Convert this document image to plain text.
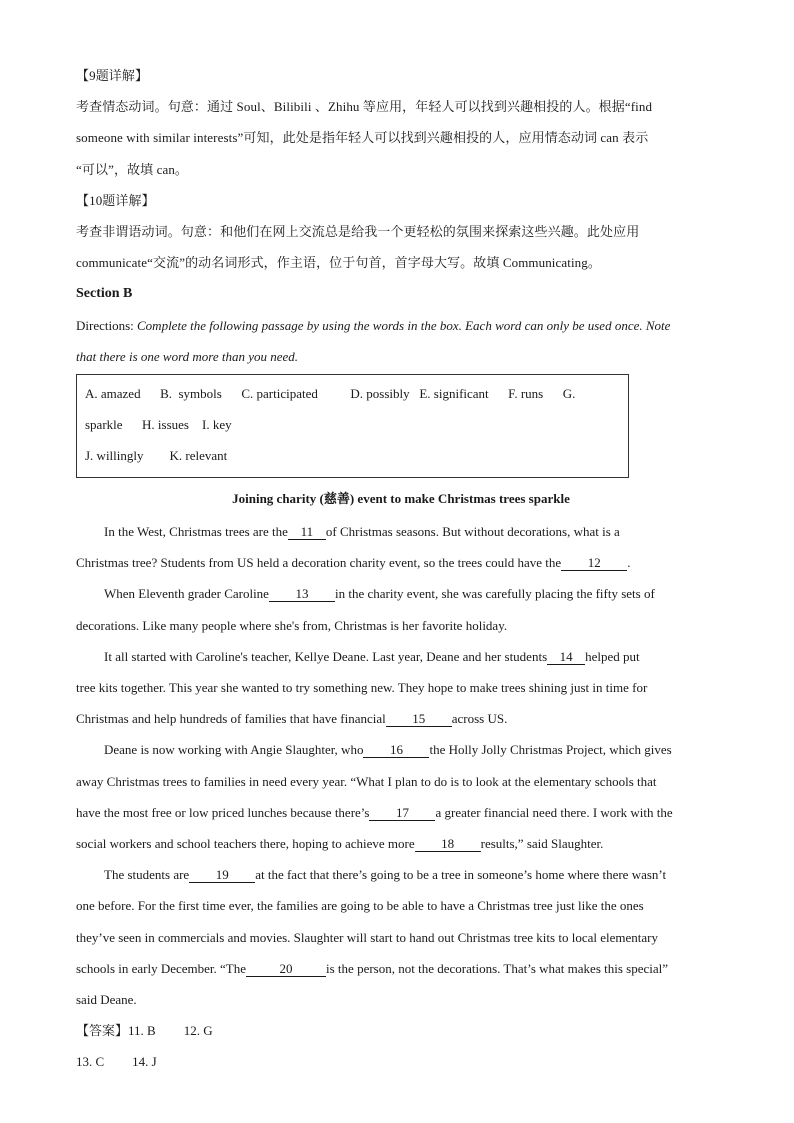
【9题详解】

考查情态动词。句意：通过 Soul、Bilibili 、Zhihu 等应用，年轻人可以找到兴趣相投的人。根据“find

someone with similar interests”可知，此处是指年轻人可以找到兴趣相投的人，应用情态动词 can 表示

“可以”，故填 can。

【10题详解】

考查非谓语动词。句意：和他们在网上交流总是给我一个更轻松的氛围来探索这些兴趣。此处应用

communicate“交流”的动名词形式，作主语，位于句首，首字母大写。故填 Communicating。

Section B

Directions: Complete the following passage by using the words in the box. Each word can only be used once. Note

that there is one word more than you need.

A. amazed      B.  symbols      C. participated          D. possibly   E. significant      F. runs      G.

sparkle      H. issues    I. key

J. willingly        K. relevant

Joining charity (慈善) event to make Christmas trees sparkle

In the West, Christmas trees are the 11 of Christmas seasons. But without decorations, what is a

Christmas tree? Students from US held a decoration charity event, so the trees could have the 12 .

When Eleventh grader Caroline 13 in the charity event, she was carefully placing the fifty sets of

decorations. Like many people where she's from, Christmas is her favorite holiday.

It all started with Caroline's teacher, Kellye Deane. Last year, Deane and her students 14 helped put

tree kits together. This year she wanted to try something new. They hope to make trees shining just in time for

Christmas and help hundreds of families that have financial 15 across US.

Deane is now working with Angie Slaughter, who 16 the Holly Jolly Christmas Project, which gives

away Christmas trees to families in need every year. “What I plan to do is to look at the elementary schools that

have the most free or low priced lunches because there’s 17 a greater financial need there. I work with the

social workers and school teachers there, hoping to achieve more 18 results,” said Slaughter.

The students are 19 at the fact that there’s going to be a tree in someone’s home where there wasn’t

one before. For the first time ever, the families are going to be able to have a Christmas tree just like the ones

they’ve seen in commercials and movies. Slaughter will start to hand out Christmas tree kits to local elementary

schools in early December. “The	20	is the person, not the decorations. That’s what makes this special”

said Deane.

【答案】11. B 12. G

13. C 14. J
